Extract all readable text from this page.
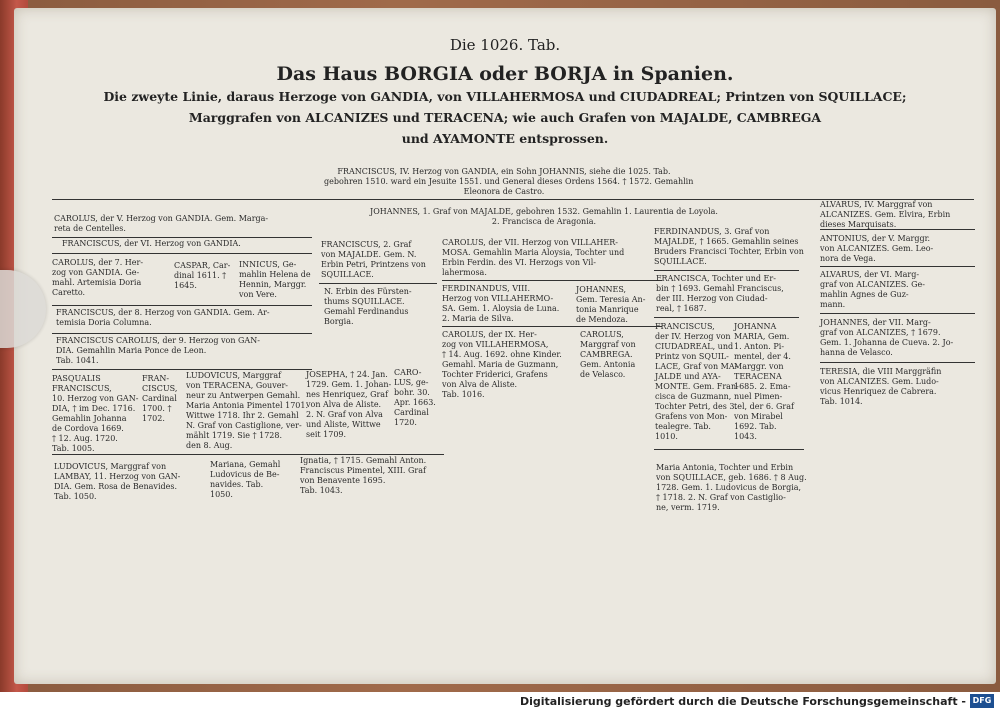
Die 1026. Tab.
Das Haus BORGIA oder BORJA in Spanien.
Die zweyte Linie, daraus Herzoge von GANDIA, von VILLAHERMOSA und CIUDADREAL; Printzen von SQUILLACE;
Marggrafen von ALCANIZES und TERACENA; wie auch Grafen von MAJALDE, CAMBREGA
und AYAMONTE entsprossen.
FRANCISCUS, IV. Herzog von GANDIA, ein Sohn JOHANNIS, siehe die 1025. Tab.
gebohren 1510. ward ein Jesuite 1551. und General dieses Ordens 1564. † 1572. Gemahlin
Eleonora de Castro.
JOHANNES, 1. Graf von MAJALDE, gebohren 1532. Gemahlin 1. Laurentia de Loyola.
2. Francisca de Aragonia.
CAROLUS, der V. Herzog von GANDIA. Gem. Marga-
reta de Centelles.
FRANCISCUS, der VI. Herzog von GANDIA.
CAROLUS, der 7. Her-
zog von GANDIA. Ge-
mahl. Artemisia Doria
Caretto.
CASPAR, Car-
dinal 1611. †
1645.
INNICUS, Ge-
mahlin Helena de
Hennin, Marggr.
von Vere.
FRANCISCUS, der 8. Herzog von GANDIA. Gem. Ar-
temisia Doria Columna.
FRANCISCUS CAROLUS, der 9. Herzog von GAN-
DIA. Gemahlin Maria Ponce de Leon.
Tab. 1041.
PASQUALIS
FRANCISCUS,
10. Herzog von GAN-
DIA, † im Dec. 1716.
Gemahlin Johanna
de Cordova 1669.
† 12. Aug. 1720.
Tab. 1005.
FRAN-
CISCUS,
Cardinal
1700. †
1702.
LUDOVICUS, Marggraf
von TERACENA, Gouver-
neur zu Antwerpen Gemahl.
Maria Antonia Pimentel 1701.
Wittwe 1718. Ihr 2. Gemahl
N. Graf von Castiglione, ver-
mählt 1719. Sie † 1728.
den 8. Aug.
JOSEPHA, † 24. Jan.
1729. Gem. 1. Johan-
nes Henriquez, Graf
von Alva de Aliste.
2. N. Graf von Alva
und Aliste, Wittwe
seit 1709.
CARO-
LUS, ge-
bohr. 30.
Apr. 1663.
Cardinal
1720.
LUDOVICUS, Marggraf von
LAMBAY, 11. Herzog von GAN-
DIA. Gem. Rosa de Benavides.
Tab. 1050.
Mariana, Gemahl
Ludovicus de Be-
navides. Tab.
1050.
Ignatia, † 1715. Gemahl Anton.
Franciscus Pimentel, XIII. Graf
von Benavente 1695.
Tab. 1043.
FRANCISCUS, 2. Graf
von MAJALDE. Gem. N.
Erbin Petri, Printzens von
SQUILLACE.
N. Erbin des Fürsten-
thums SQUILLACE.
Gemahl Ferdinandus
Borgia.
CAROLUS, der VII. Herzog von VILLAHER-
MOSA. Gemahlin Maria Aloysia, Tochter und
Erbin Ferdin. des VI. Herzogs von Vil-
lahermosa.
FERDINANDUS, VIII.
Herzog von VILLAHERMO-
SA. Gem. 1. Aloysia de Luna.
2. Maria de Silva.
JOHANNES,
Gem. Teresia An-
tonia Manrique
de Mendoza.
CAROLUS, der IX. Her-
zog von VILLAHERMOSA,
† 14. Aug. 1692. ohne Kinder.
Gemahl. Maria de Guzmann,
Tochter Friderici, Grafens
von Alva de Aliste.
Tab. 1016.
CAROLUS,
Marggraf von
CAMBREGA.
Gem. Antonia
de Velasco.
FERDINANDUS, 3. Graf von
MAJALDE, † 1665. Gemahlin seines
Bruders Francisci Tochter, Erbin von
SQUILLACE.
FRANCISCA, Tochter und Er-
bin † 1693. Gemahl Franciscus,
der III. Herzog von Ciudad-
real, † 1687.
FRANCISCUS,
der IV. Herzog von
CIUDADREAL, und
Printz von SQUIL-
LACE, Graf von MA-
JALDE und AYA-
MONTE. Gem. Fran-
cisca de Guzmann,
Tochter Petri, des 3.
Grafens von Mon-
tealegre. Tab.
1010.
JOHANNA
MARIA, Gem.
1. Anton. Pi-
mentel, der 4.
Marggr. von
TERACENA
1685. 2. Ema-
nuel Pimen-
tel, der 6. Graf
von Mirabel
1692. Tab.
1043.
Maria Antonia, Tochter und Erbin
von SQUILLACE, geb. 1686. † 8 Aug.
1728. Gem. 1. Ludovicus de Borgia,
† 1718. 2. N. Graf von Castiglio-
ne, verm. 1719.
ALVARUS, IV. Marggraf von
ALCANIZES. Gem. Elvira, Erbin
dieses Marquisats.
ANTONIUS, der V. Marggr.
von ALCANIZES. Gem. Leo-
nora de Vega.
ALVARUS, der VI. Marg-
graf von ALCANIZES. Ge-
mahlin Agnes de Guz-
mann.
JOHANNES, der VII. Marg-
graf von ALCANIZES, † 1679.
Gem. 1. Johanna de Cueva. 2. Jo-
hanna de Velasco.
TERESIA, die VIII Marggräfin
von ALCANIZES. Gem. Ludo-
vicus Henriquez de Cabrera.
Tab. 1014.
Digitalisierung gefördert durch die Deutsche Forschungsgemeinschaft - DFG
